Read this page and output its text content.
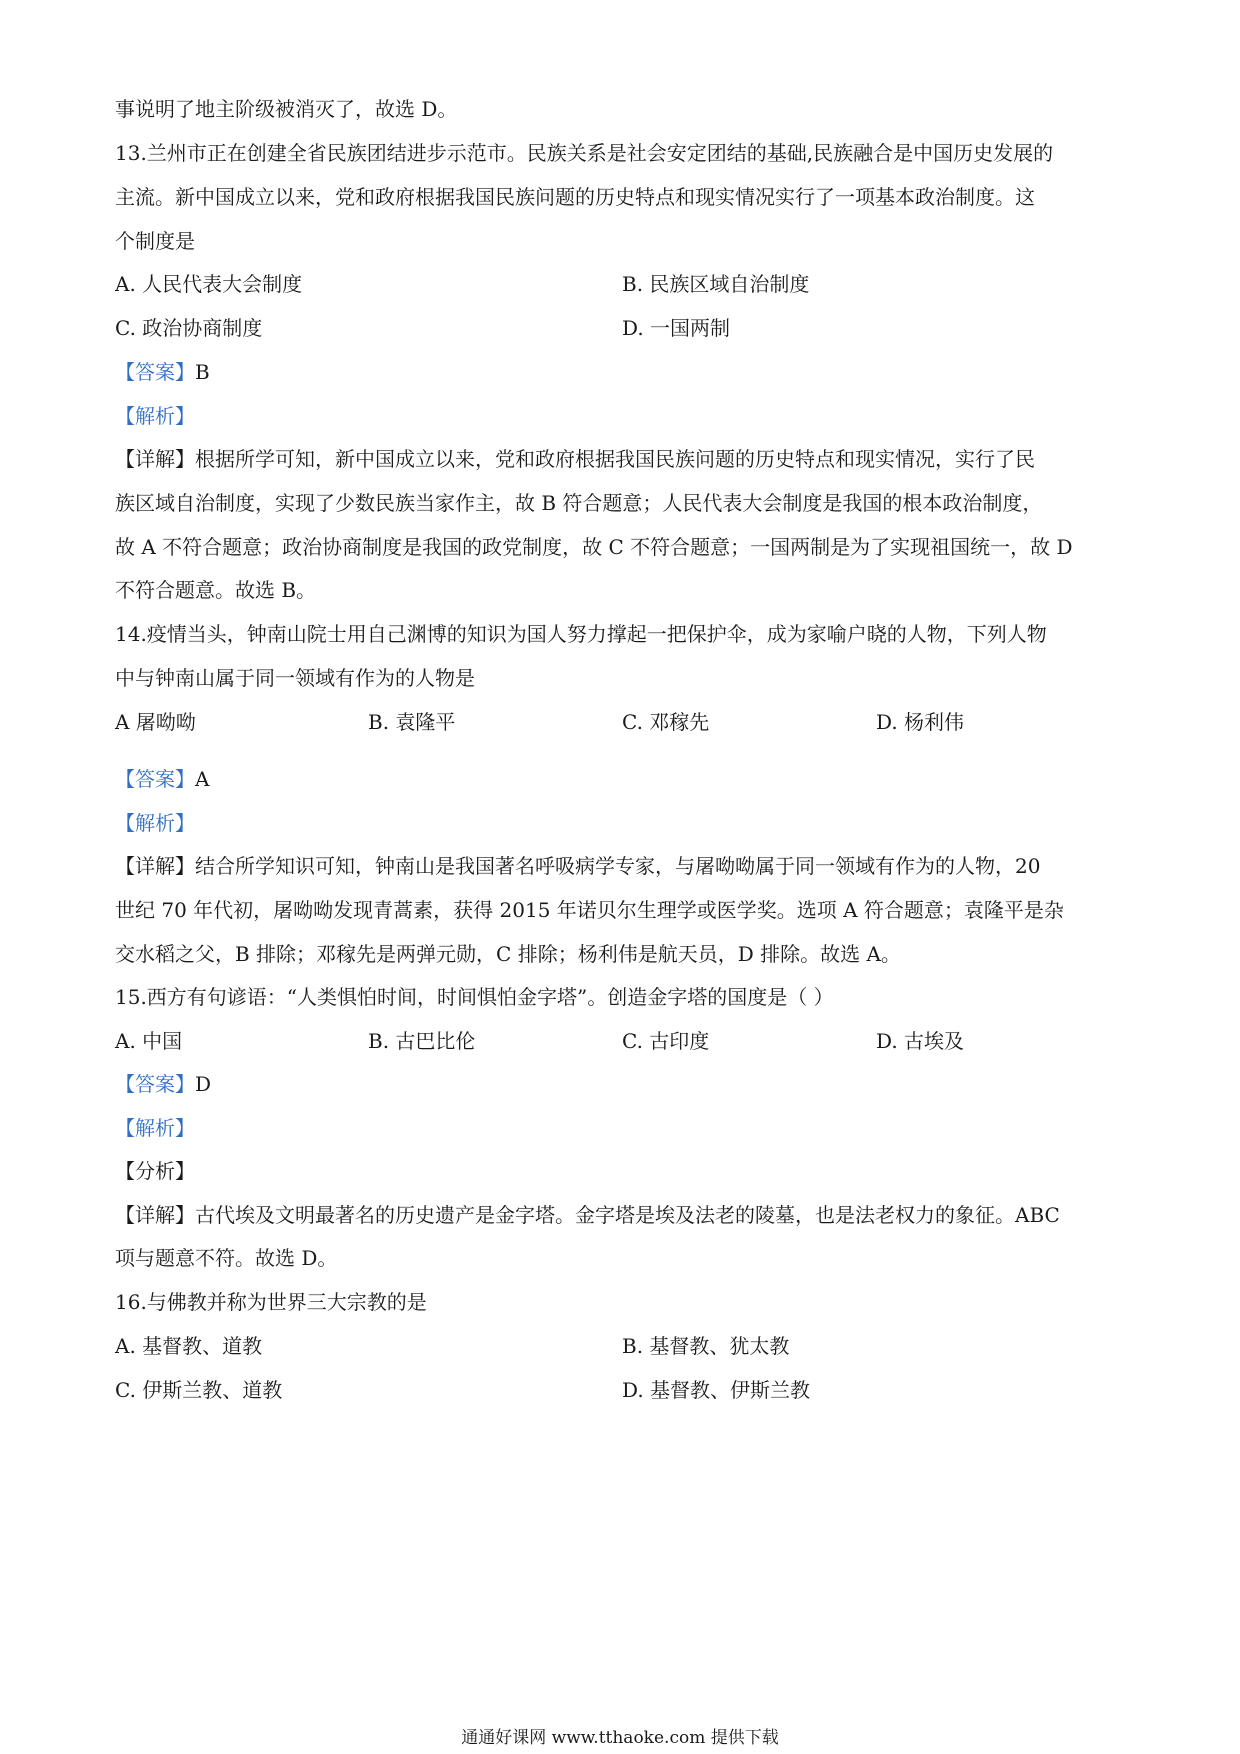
事说明了地主阶级被消灭了，故选 D。
13.兰州市正在创建全省民族团结进步示范市。民族关系是社会安定团结的基础,民族融合是中国历史发展的
主流。新中国成立以来，党和政府根据我国民族问题的历史特点和现实情况实行了一项基本政治制度。这
个制度是
A. 人民代表大会制度	B. 民族区域自治制度
C. 政治协商制度	D. 一国两制
【答案】B
【解析】
【详解】根据所学可知，新中国成立以来，党和政府根据我国民族问题的历史特点和现实情况，实行了民
族区域自治制度，实现了少数民族当家作主，故 B 符合题意；人民代表大会制度是我国的根本政治制度，
故 A 不符合题意；政治协商制度是我国的政党制度，故 C 不符合题意；一国两制是为了实现祖国统一，故 D
不符合题意。故选 B。
14.疫情当头，钟南山院士用自己渊博的知识为国人努力撑起一把保护伞，成为家喻户晓的人物，下列人物
中与钟南山属于同一领域有作为的人物是
A 屠呦呦	B. 袁隆平	C. 邓稼先	D. 杨利伟
【答案】A
【解析】
【详解】结合所学知识可知，钟南山是我国著名呼吸病学专家，与屠呦呦属于同一领域有作为的人物，20
世纪 70 年代初，屠呦呦发现青蒿素，获得 2015 年诺贝尔生理学或医学奖。选项 A 符合题意；袁隆平是杂
交水稻之父，B 排除；邓稼先是两弹元勋，C 排除；杨利伟是航天员，D 排除。故选 A。
15.西方有句谚语：“人类惧怕时间，时间惧怕金字塔”。创造金字塔的国度是（ ）
A. 中国	B. 古巴比伦	C. 古印度	D. 古埃及
【答案】D
【解析】
【分析】
【详解】古代埃及文明最著名的历史遗产是金字塔。金字塔是埃及法老的陵墓，也是法老权力的象征。ABC
项与题意不符。故选 D。
16.与佛教并称为世界三大宗教的是
A. 基督教、道教	B. 基督教、犹太教
C. 伊斯兰教、道教	D. 基督教、伊斯兰教
通通好课网 www.tthaoke.com 提供下载
